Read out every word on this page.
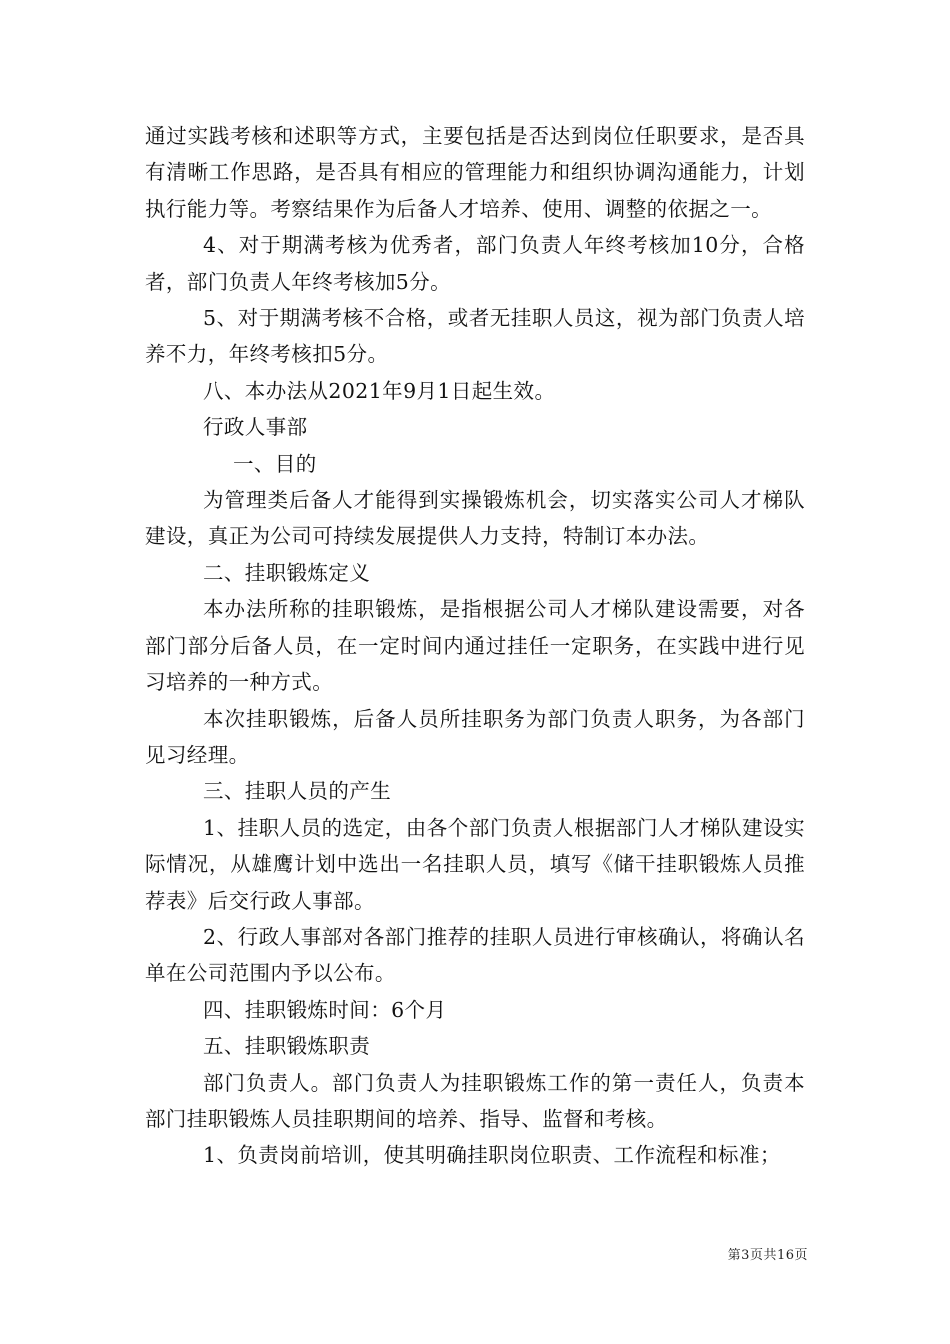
通过实践考核和述职等方式，主要包括是否达到岗位任职要求，是否具有清晰工作思路，是否具有相应的管理能力和组织协调沟通能力，计划执行能力等。考察结果作为后备人才培养、使用、调整的依据之一。

4、对于期满考核为优秀者，部门负责人年终考核加10分，合格者，部门负责人年终考核加5分。

5、对于期满考核不合格，或者无挂职人员这，视为部门负责人培养不力，年终考核扣5分。

八、本办法从2021年9月1日起生效。

行政人事部

一、目的

为管理类后备人才能得到实操锻炼机会，切实落实公司人才梯队建设，真正为公司可持续发展提供人力支持，特制订本办法。

二、挂职锻炼定义

本办法所称的挂职锻炼，是指根据公司人才梯队建设需要，对各部门部分后备人员，在一定时间内通过挂任一定职务，在实践中进行见习培养的一种方式。

本次挂职锻炼，后备人员所挂职务为部门负责人职务，为各部门见习经理。

三、挂职人员的产生

1、挂职人员的选定，由各个部门负责人根据部门人才梯队建设实际情况，从雄鹰计划中选出一名挂职人员，填写《储干挂职锻炼人员推荐表》后交行政人事部。

2、行政人事部对各部门推荐的挂职人员进行审核确认，将确认名单在公司范围内予以公布。

四、挂职锻炼时间：6个月

五、挂职锻炼职责

部门负责人。部门负责人为挂职锻炼工作的第一责任人，负责本部门挂职锻炼人员挂职期间的培养、指导、监督和考核。

1、负责岗前培训，使其明确挂职岗位职责、工作流程和标准；

第3页共16页
